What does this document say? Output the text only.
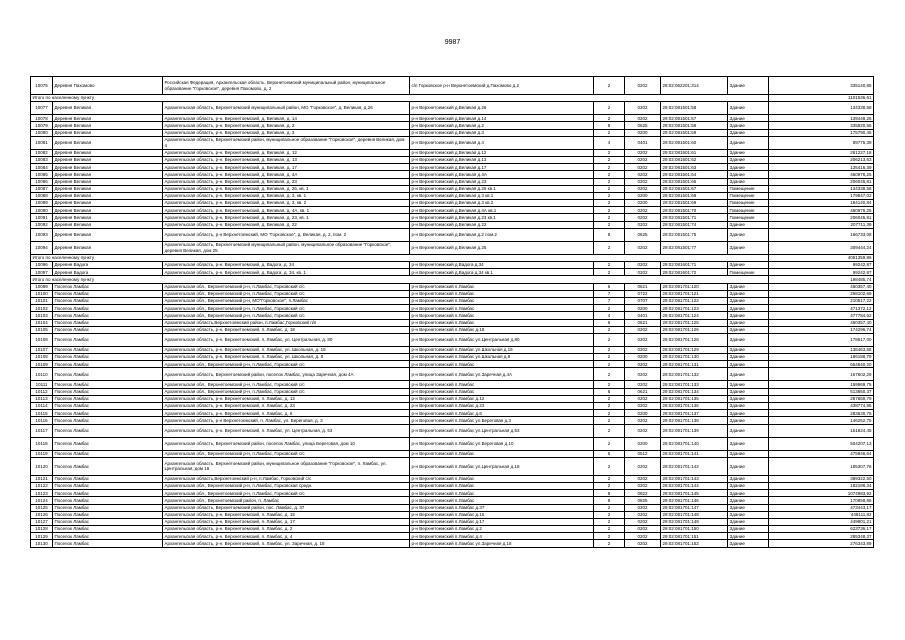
9987
10075	Деревня Пахомово	Российская Федерация, Архангельская область, Верхнетоемский муниципальный район, муниципальное образование "Горковское", деревня Пахомово, д. 2	с/п Горковское р-н Верхнетоемский д.Пахомово д.2	2	0202	29:02:062201:314	Здание	335140,85
Итого по населенному пункту								1101536,61
10077	Деревня Великая	Архангельская область, Верхнетоемский муниципальный район, МО "Горковское", д. Великая, д.26	р-н Верхнетоемский д.Великая д.26	2	0202	29:02:081501:58	Здание	134338,58
10078	Деревня Великая	Архангельская область, р-н. Верхнетоемский, д. Великая, д. 14	р-н Верхнетоемский д.Великая д.14	2	0202	29:02:081501:57	Здание	139448,26
10079	Деревня Великая	Архангельская область, р-н. Верхнетоемский, д. Великая, д. 2	р-н Верхнетоемский д.Великая д.2	8	0625	29:02:081501:58	Здание	335820,55
10080	Деревня Великая	Архангельская область, р-н. Верхнетоемский, д. Великая, д. 3	р-н Верхнетоемский д.Великая д.3	2	0200	29:02:081501:59	Здание	175790,45
10081	Деревня Великая	Архангельская область, Верхнетоемский район, муниципальное образование "Горковское", деревня Великая, дом 4	р-н Верхнетоемский д.Великая д.4	4	0401	29:02:081501:60	Здание	89775,39
10082	Деревня Великая	Архангельская область, р-н. Верхнетоемский, д. Великая, д. 12	р-н Верхнетоемский д.Великая д.12	2	0202	29:02:081501:61	Здание	251227,18
10083	Деревня Великая	Архангельская область, р-н. Верхнетоемский, д. Великая, д. 13	р-н Верхнетоемский д.Великая д.13	2	0202	29:02:081501:62	Здание	206213,63
10084	Деревня Великая	Архангельская область, р-н. Верхнетоемский, д. Великая, д. 17	р-н Верхнетоемский д.Великая д.17	2	0202	29:02:081501:63	Здание	135416,39
10085	Деревня Великая	Архангельская область, р-н. Верхнетоемский, д. Великая, д. 4А	р-н Верхнетоемский д.Великая д.4А	2	0202	29:02:081501:64	Здание	460976,25
10086	Деревня Великая	Архангельская область, р-н. Верхнетоемский, д. Великая, д. 23	р-н Верхнетоемский д.Великая д.23	2	0202	29:02:081501:65	Здание	206045,81
10087	Деревня Великая	Архангельская область, р-н. Верхнетоемский, д. Великая, д. 26, кв. 1	р-н Верхнетоемский д.Великая д.26 кв.1	2	0202	29:02:081501:67	Помещение	134338,58
10088	Деревня Великая	Архангельская область, р-н. Верхнетоемский, д. Великая, д. 3, кв. 1	р-н Верхнетоемский д.Великая д.3 кв.1	2	0200	29:02:081501:68	Помещение	179847,02
10089	Деревня Великая	Архангельская область, р-н. Верхнетоемский, д. Великая, д. 3, кв. 2	р-н Верхнетоемский д.Великая д.3 кв.2	2	0200	29:02:081501:69	Помещение	184140,84
10090	Деревня Великая	Архангельская область, р-н. Верхнетоемский, д. Великая, д. 4А, кв. 1	р-н Верхнетоемский д.Великая д.4А кв.1	2	0202	29:02:081501:70	Помещение	460976,25
10091	Деревня Великая	Архангельская область, р-н. Верхнетоемский, д. Великая, д. 23, кв. 1	р-н Верхнетоемский д.Великая д.23 кв.1	2	0202	29:02:081501:71	Помещение	206045,81
10092	Деревня Великая	Архангельская область, р-н. Верхнетоемский, д. Великая, д. 22	р-н Верхнетоемский д.Великая д.22	2	0202	29:02:081501:74	Здание	207711,39
10093	Деревня Великая	Архангельская область, р-н Верхнетоемский, МО "Горковское", д. Великая, д. 2, пом. 2	р-н Верхнетоемский д.Великая д.2 пом.2	8	0625	29:02:081501:75	Здание	166733,08
10094	Деревня Великая	Архангельская область, Верхнетоемский муниципальный район, муниципальное образование "Горковское", деревня Великая, дом 25	р-н Верхнетоемский д.Великая д.25	2	0202	29:02:081501:77	Здание	309444,24
Итого по населенному пункту								4061359,86
10096	Деревня Вадога	Архангельская область, р-н. Верхнетоемский, д. Вадога, д. 34	р-н Верхнетоемский д.Вадога д.34	2	0202	29:02:081601:71	Здание	99242,87
10097	Деревня Вадога	Архангельская область, р-н. Верхнетоемский, д. Вадога, д. 34, кв. 1	р-н Верхнетоемский д.Вадога д.34 кв.1	2	0202	29:02:081601:72	Помещение	99242,87
Итого по населенному пункту								198485,74
10099	Поселок Ламбас	Архангельская обл., Верхнетоемский р-н, п.Ламбас, Горковский с/с	р-н Верхнетоемский п.Ламбас	6	0621	29:02:081701:120	Здание	460357,40
10100	Поселок Ламбас	Архангельская обл., Верхнетоемский р-н, п.Ламбас, Горковский с/с	р-н Верхнетоемский п.Ламбас	7	0722	29:02:081701:121	Здание	268102,69
10101	Поселок Ламбас	Архангельская обл., Верхнетоемский р-н, МО"Горковское", п.Ламбас	р-н Верхнетоемский п.Ламбас	7	0707	29:02:081701:122	Здание	210517,22
10102	Поселок Ламбас	Архангельская обл., Верхнетоемский р-н, п.Ламбас, Горковский с/с	р-н Верхнетоемский п.Ламбас	2	0200	29:02:081701:123	Здание	471372,12
10103	Поселок Ламбас	Архангельская обл., Верхнетоемский р-н, п.Ламбас, Горковский с/с	р-н Верхнетоемский п.Ламбас	4	0401	29:02:081701:124	Здание	477784,62
10104	Поселок Ламбас	Архангельская область,Верхнетоемский район, п.Ламбас,Горковский п/п	р-н Верхнетоемский п.Ламбас	6	0621	29:02:081701:125	Здание	460357,40
10105	Поселок Ламбас	Архангельская область, р-н. Верхнетоемский, п. Ламбас, д. 18	р-н Верхнетоемский п.Ламбас д.18	2	0202	29:02:081701:126	Здание	174296,74
10108	Поселок Ламбас	Архангельская область, р-н. Верхнетоемский, п. Ламбас, ул. Центральная, д. 80	р-н Верхнетоемский п.Ламбас ул.Центральная д.80	2	0202	29:02:081701:128	Здание	178617,00
10107	Поселок Ламбас	Архангельская область, р-н. Верхнетоемский, п. Ламбас, ул. Школьная, д. 15	р-н Верхнетоемский п.Ламбас ул.Школьная д.15	2	0202	29:02:081701:129	Здание	136463,68
10108	Поселок Ламбас	Архангельская область, р-н. Верхнетоемский, п. Ламбас, ул. Школьная, д. 8	р-н Верхнетоемский п.Ламбас ул.Школьная д.8	2	0200	29:02:081701:130	Здание	186188,79
10109	Поселок Ламбас	Архангельская обл., Верхнетоемский р-н, п.Ламбас, Горковский с/с	р-н Верхнетоемский п.Ламбас	2	0202	29:02:081701:131	Здание	654840,20
10110	Поселок Ламбас	Архангельская область, Верхнетоемский район, поселок Ламбас, улица Заречная, дом 4А	р-н Верхнетоемский п.Ламбас ул.Заречная д.4А	2	0202	29:02:081701:132	Здание	167602,29
10111	Поселок Ламбас	Архангельская обл., Верхнетоемский р-н, п.Ламбас, Горковский с/с	р-н Верхнетоемский п.Ламбас	2	0202	29:02:081701:133	Здание	159969,75
10112	Поселок Ламбас	Архангельская обл., Верхнетоемский р-н, п.Ламбас, Горковский с/с	р-н Верхнетоемский п.Ламбас	6	0621	29:02:081701:134	Здание	513850,37
10113	Поселок Ламбас	Архангельская область, р-н. Верхнетоемский, п. Ламбас, д. 12	р-н Верхнетоемский п.Ламбас д.12	2	0202	29:02:081701:135	Здание	287669,79
10114	Поселок Ламбас	Архангельская область, р-н. Верхнетоемский, п. Ламбас, д. 23	р-н Верхнетоемский п.Ламбас д.23	2	0202	29:02:081701:136	Здание	438774,95
10115	Поселок Ламбас	Архангельская область, р-н. Верхнетоемский, п. Ламбас, д. 6	р-н Верхнетоемский п.Ламбас д.6	2	0200	29:02:081701:137	Здание	283630,75
10116	Поселок Ламбас	Архангельская область, р-н Верхнетоемский, п. Ламбас, ул. Береговая, д. 3	р-н Верхнетоемский п.Ламбас ул.Береговая д.3	2	0202	29:02:081701:138	Здание	146252,75
10117	Поселок Ламбас	Архангельская область, р-н. Верхнетоемский, п. Ламбас, ул. Центральная, д. 53	р-н Верхнетоемский п.Ламбас ул.Центральная д.53	2	0202	29:02:081701:139	Здание	151824,45
10118	Поселок Ламбас	Архангельская область, Верхнетоемский район, поселок Ламбас, улица Береговая, дом 10	р-н Верхнетоемский п.Ламбас ул.Береговая д.10	2	0200	29:02:081701:140	Здание	504207,13
10119	Поселок Ламбас	Архангельская обл., Верхнетоемский р-н, п.Ламбас, Горковский с/с	р-н Верхнетоемский п.Ламбас	5	0512	29:02:081701:141	Здание	475946,64
10120	Поселок Ламбас	Архангельская область, Верхнетоемский район, муниципальное образование "Горковское", п. Ламбас, ул. Центральная, дом 18	р-н Верхнетоемский п.Ламбас ул.Центральная д.18	2	0202	29:02:081701:142	Здание	185307,76
10121	Поселок Ламбас	Архангельская область,Верхнетоемский р-н, п.Ламбас, Горковский с/с	р-н Верхнетоемский п.Ламбас	2	0202	29:02:081701:143	Здание	389322,50
10122	Поселок Ламбас	Архангельская обл., Верхнетоемский р-н, п.Ламбас, Горковская средн.	р-н Верхнетоемский п.Ламбас	2	0202	29:02:081701:144	Здание	182188,34
10123	Поселок Ламбас	Архангельская обл., Верхнетоемский р-н, п.Ламбас, Горковский с/с	р-н Верхнетоемский п.Ламбас	8	0822	29:02:081701:145	Здание	1074983,92
10124	Поселок Ламбас	Архангельская обл., Верхнетоемский район, п. Ламбас	р-н Верхнетоемский п.Ламбас	8	0825	29:02:081701:146	Здание	170858,86
10125	Поселок Ламбас	Архангельская область, Верхнетоемский район, пос. Ламбас, д. 37	р-н Верхнетоемский п.Ламбас д.37	2	0202	29:02:081701:147	Здание	473443,17
10126	Поселок Ламбас	Архангельская область, р-н. Верхнетоемский, п. Ламбас, д. 15	р-н Верхнетоемский п.Ламбас д.15	2	0202	29:02:081701:148	Здание	448111,82
10127	Поселок Ламбас	Архангельская область, р-н. Верхнетоемский, п. Ламбас, д. 17	р-н Верхнетоемский п.Ламбас д.17	2	0202	29:02:081701:149	Здание	449801,21
10128	Поселок Ламбас	Архангельская область, р-н. Верхнетоемский, п. Ламбас, д. 2	р-н Верхнетоемский п.Ламбас д.2	2	0202	29:02:081701:150	Здание	623736,17
10129	Поселок Ламбас	Архангельская область, р-н. Верхнетоемский, п. Ламбас, д. 4	р-н Верхнетоемский п.Ламбас д.4	2	0202	29:02:081701:151	Здание	285348,37
10130	Поселок Ламбас	Архангельская область, р-н. Верхнетоемский, п. Ламбас, ул. Заречная, д. 18	р-н Верхнетоемский п.Ламбас ул.Заречная д.18	2	0202	29:02:081701:152	Здание	276343,89
